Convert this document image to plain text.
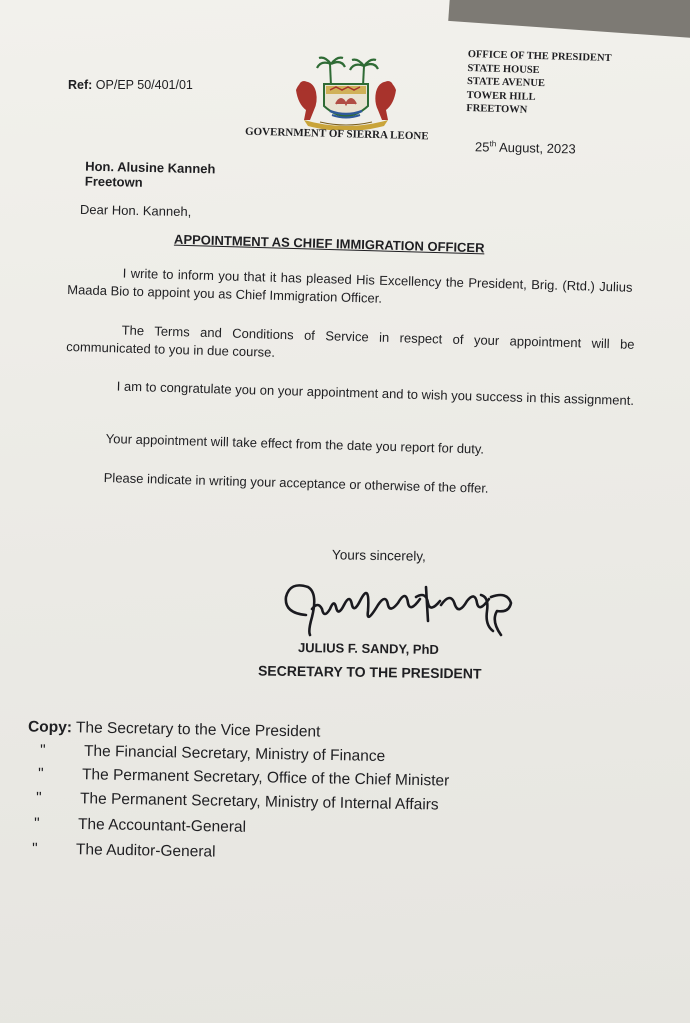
Ref: OP/EP 50/401/01
OFFICE OF THE PRESIDENT
STATE HOUSE
STATE AVENUE
TOWER HILL
FREETOWN
GOVERNMENT OF SIERRA LEONE
25th August, 2023
Hon. Alusine Kanneh
Freetown
Dear Hon. Kanneh,
APPOINTMENT AS CHIEF IMMIGRATION OFFICER
I write to inform you that it has pleased His Excellency the President, Brig. (Rtd.) Julius Maada Bio to appoint you as Chief Immigration Officer.
The Terms and Conditions of Service in respect of your appointment will be communicated to you in due course.
I am to congratulate you on your appointment and to wish you success in this assignment.
Your appointment will take effect from the date you report for duty.
Please indicate in writing your acceptance or otherwise of the offer.
Yours sincerely,
JULIUS F. SANDY, PhD
SECRETARY TO THE PRESIDENT
Copy: The Secretary to the Vice President
" The Financial Secretary, Ministry of Finance
" The Permanent Secretary, Office of the Chief Minister
" The Permanent Secretary, Ministry of Internal Affairs
" The Accountant-General
" The Auditor-General
